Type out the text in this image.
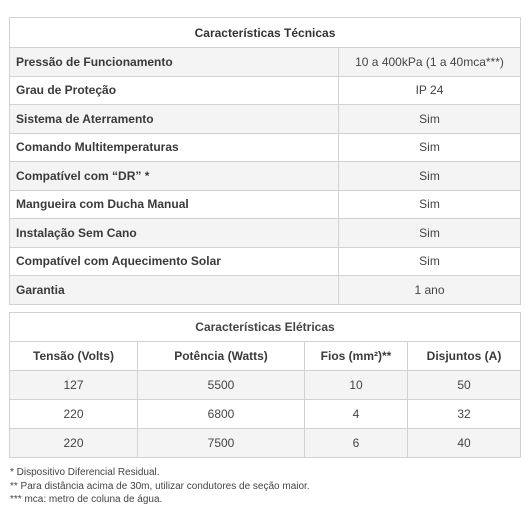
Características Técnicas	
Pressão de Funcionamento	10 a 400kPa (1 a 40mca***)
Grau de Proteção	IP 24
Sistema de Aterramento	Sim
Comando Multitemperaturas	Sim
Compatível com “DR” *	Sim
Mangueira com Ducha Manual	Sim
Instalação Sem Cano	Sim
Compatível com Aquecimento Solar	Sim
Garantia	1 ano
Características Elétricas			
Tensão (Volts)	Potência (Watts)	Fios (mm²)**	Disjuntos (A)
127	5500	10	50
220	6800	4	32
220	7500	6	40
* Dispositivo Diferencial Residual.
** Para distância acima de 30m, utilizar condutores de seção maior.
*** mca: metro de coluna de água.
